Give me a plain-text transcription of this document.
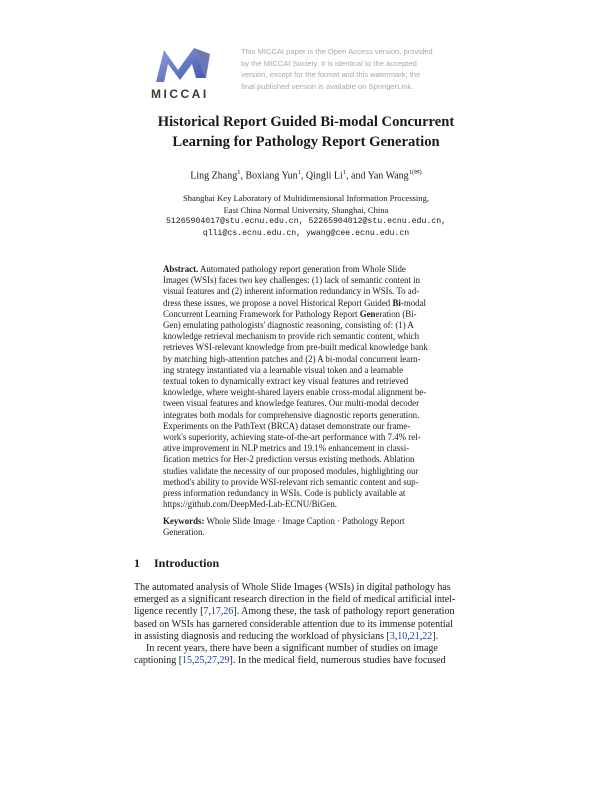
MICCAI
This MICCAI paper is the Open Access version, provided
by the MICCAI Society. It is identical to the accepted
version, except for the format and this watermark; the
final published version is available on SpringerLink.
Historical Report Guided Bi-modal Concurrent
Learning for Pathology Report Generation
Ling Zhang$^1$, Boxiang Yun$^1$, Qingli Li$^1$, and Yan Wang$^{1(✉)}$
Shanghai Key Laboratory of Multidimensional Information Processing,
East China Normal University, Shanghai, China
51265904017@stu.ecnu.edu.cn, 52265904012@stu.ecnu.edu.cn,
qlli@cs.ecnu.edu.cn, ywang@cee.ecnu.edu.cn
Abstract. Automated pathology report generation from Whole Slide
Images (WSIs) faces two key challenges: (1) lack of semantic content in
visual features and (2) inherent information redundancy in WSIs. To ad-
dress these issues, we propose a novel Historical Report Guided Bi-modal
Concurrent Learning Framework for Pathology Report Generation (Bi-
Gen) emulating pathologists' diagnostic reasoning, consisting of: (1) A
knowledge retrieval mechanism to provide rich semantic content, which
retrieves WSI-relevant knowledge from pre-built medical knowledge bank
by matching high-attention patches and (2) A bi-modal concurrent learn-
ing strategy instantiated via a learnable visual token and a learnable
textual token to dynamically extract key visual features and retrieved
knowledge, where weight-shared layers enable cross-modal alignment be-
tween visual features and knowledge features. Our multi-modal decoder
integrates both modals for comprehensive diagnostic reports generation.
Experiments on the PathText (BRCA) dataset demonstrate our frame-
work's superiority, achieving state-of-the-art performance with 7.4% rel-
ative improvement in NLP metrics and 19.1% enhancement in classi-
fication metrics for Her-2 prediction versus existing methods. Ablation
studies validate the necessity of our proposed modules, highlighting our
method's ability to provide WSI-relevant rich semantic content and sup-
press information redundancy in WSIs. Code is publicly available at
https://github.com/DeepMed-Lab-ECNU/BiGen.
Keywords: Whole Slide Image · Image Caption · Pathology Report
Generation.
1 Introduction
The automated analysis of Whole Slide Images (WSIs) in digital pathology has
emerged as a significant research direction in the field of medical artificial intel-
ligence recently [7,17,26]. Among these, the task of pathology report generation
based on WSIs has garnered considerable attention due to its immense potential
in assisting diagnosis and reducing the workload of physicians [3,10,21,22].
In recent years, there have been a significant number of studies on image
captioning [15,25,27,29]. In the medical field, numerous studies have focused
